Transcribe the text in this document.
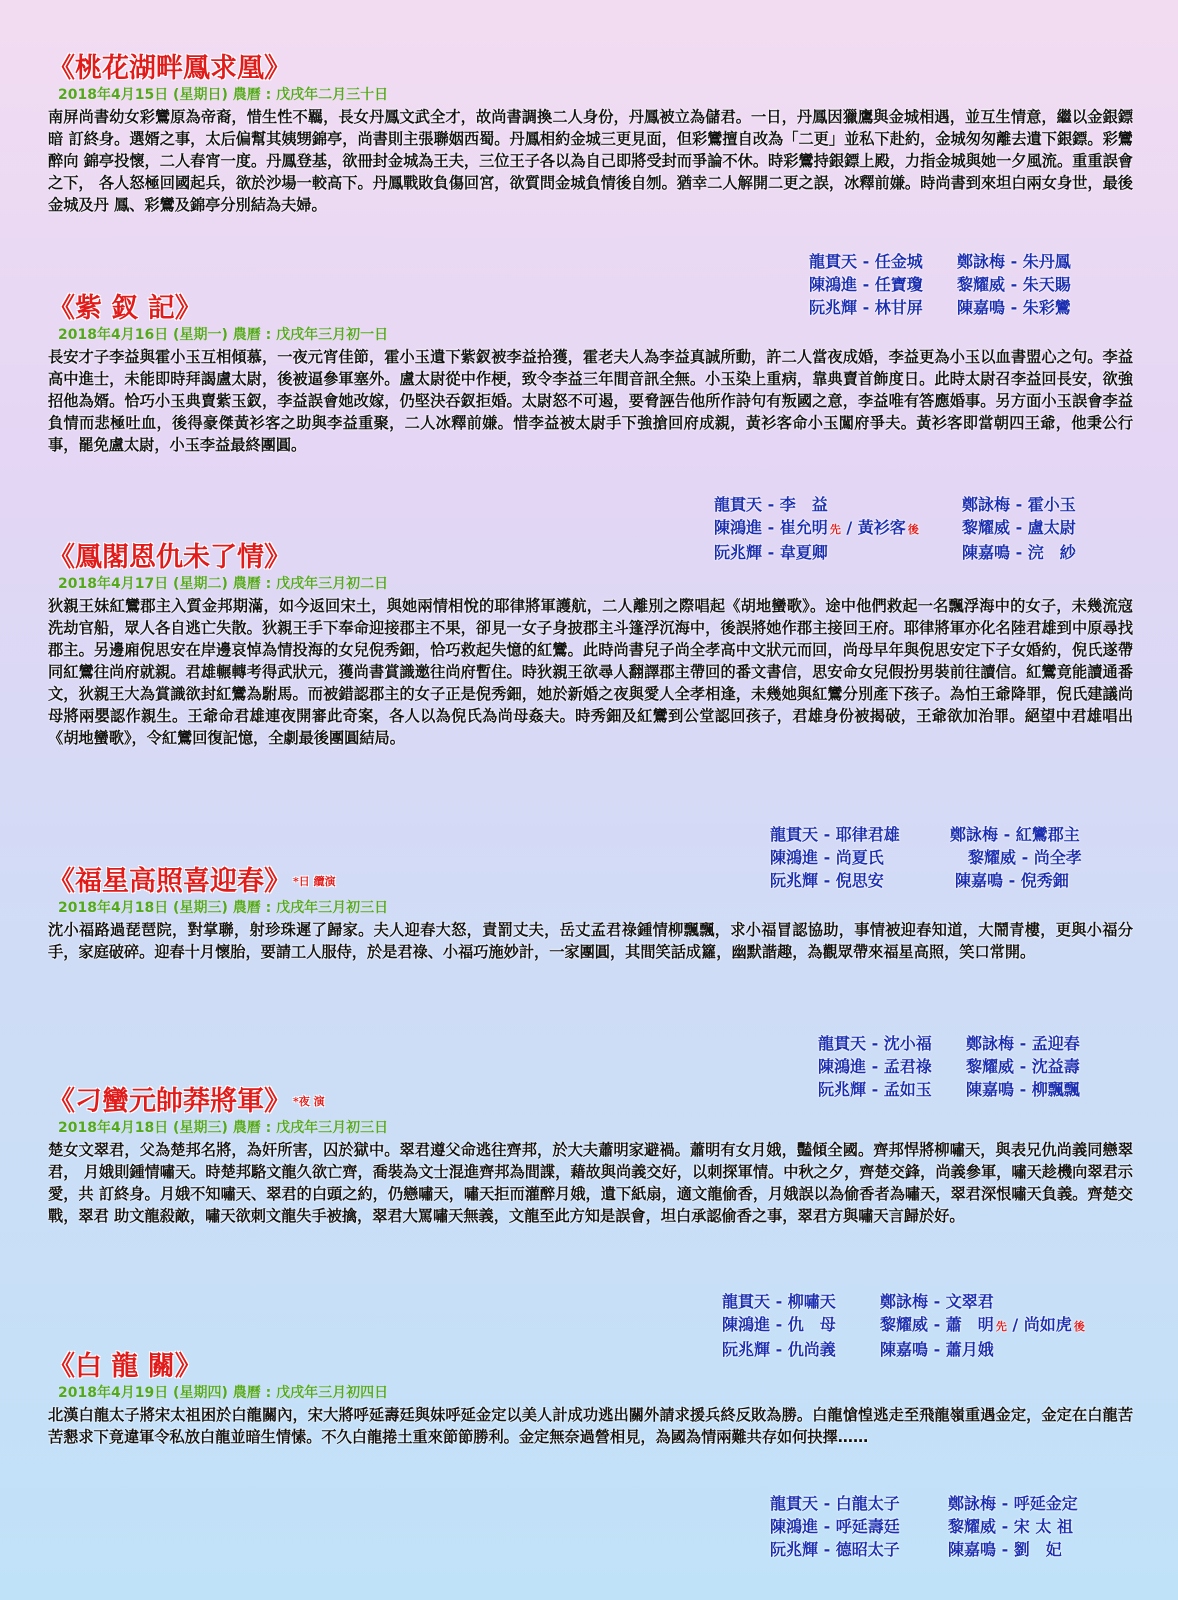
《桃花湖畔鳳求凰》
2018年4月15日 (星期日) 農曆 : 戊戌年二月三十日
南屏尚書幼女彩鸞原為帝裔，惜生性不羈，長女丹鳳文武全才，故尚書調換二人身份，丹鳳被立為儲君。一日，丹鳳因獵鷹與金城相遇，並互生情意，繼以金銀鏢暗 訂終身。選婿之事，太后偏幫其姨甥錦亭，尚書則主張聯姻西蜀。丹鳳相約金城三更見面，但彩鸞擅自改為「二更」並私下赴約，金城匆匆離去遺下銀鏢。彩鸞醉向 錦亭投懷，二人春宵一度。丹鳳登基，欲冊封金城為王夫，三位王子各以為自己即將受封而爭論不休。時彩鸞持銀鏢上殿，力指金城與她一夕風流。重重誤會之下， 各人怒極回國起兵，欲於沙場一較高下。丹鳳戰敗負傷回宮，欲質問金城負情後自刎。猶幸二人解開二更之誤，冰釋前嫌。時尚書到來坦白兩女身世，最後金城及丹 鳳、彩鸞及錦亭分別結為夫婦。
龍貫天 - 任金城	鄭詠梅 - 朱丹鳳
陳鴻進 - 任寶瓊	黎耀威 - 朱天賜
阮兆輝 - 林甘屏	陳嘉鳴 - 朱彩鸞
《紫 釵 記》
2018年4月16日 (星期一) 農曆 : 戊戌年三月初一日
長安才子李益與霍小玉互相傾慕，一夜元宵佳節，霍小玉遺下紫釵被李益拾獲，霍老夫人為李益真誠所動，許二人當夜成婚，李益更為小玉以血書盟心之句。李益高中進士，未能即時拜謁盧太尉，後被逼參軍塞外。盧太尉從中作梗，致令李益三年間音訊全無。小玉染上重病，靠典賣首飾度日。此時太尉召李益回長安，欲強招他為婿。恰巧小玉典賣紫玉釵，李益誤會她改嫁，仍堅決吞釵拒婚。太尉怒不可遏，要脅誣告他所作詩句有叛國之意，李益唯有答應婚事。另方面小玉誤會李益負情而悲極吐血，後得豪傑黃衫客之助與李益重聚，二人冰釋前嫌。惜李益被太尉手下強搶回府成親，黃衫客命小玉闖府爭夫。黃衫客即當朝四王爺，他秉公行事，罷免盧太尉，小玉李益最終團圓。
龍貫天 - 李　益	鄭詠梅 - 霍小玉
陳鴻進 - 崔允明 先 / 黃衫客 後	黎耀威 - 盧太尉
阮兆輝 - 韋夏卿	陳嘉鳴 - 浣　紗
《鳳閣恩仇未了情》
2018年4月17日 (星期二) 農曆 : 戊戌年三月初二日
狄親王妹紅鸞郡主入質金邦期滿，如今返回宋土，與她兩情相悅的耶律將軍護航，二人離別之際唱起《胡地蠻歌》。途中他們救起一名飄浮海中的女子，未幾流寇洗劫官船，眾人各自逃亡失散。狄親王手下奉命迎接郡主不果，卻見一女子身披郡主斗篷浮沉海中，後誤將她作郡主接回王府。耶律將軍亦化名陸君雄到中原尋找郡主。另邊廂倪思安在岸邊哀悼為情投海的女兒倪秀鈿，恰巧救起失憶的紅鸞。此時尚書兒子尚全孝高中文狀元而回，尚母早年與倪思安定下子女婚約，倪氏遂帶同紅鸞往尚府就親。君雄輾轉考得武狀元，獲尚書賞識邀往尚府暫住。時狄親王欲尋人翻譯郡主帶回的番文書信，思安命女兒假扮男裝前往讀信。紅鸞竟能讀通番文，狄親王大為賞識欲封紅鸞為駙馬。而被錯認郡主的女子正是倪秀鈿，她於新婚之夜與愛人全孝相逢，未幾她與紅鸞分別產下孩子。為怕王爺降罪，倪氏建議尚母將兩嬰認作親生。王爺命君雄連夜開審此奇案，各人以為倪氏為尚母姦夫。時秀鈿及紅鸞到公堂認回孩子，君雄身份被揭破，王爺欲加治罪。絕望中君雄唱出《胡地蠻歌》，令紅鸞回復記憶，全劇最後團圓結局。
龍貫天 - 耶律君雄	鄭詠梅 - 紅鸞郡主
陳鴻進 - 尚夏氏	黎耀威 - 尚全孝
阮兆輝 - 倪思安	陳嘉鳴 - 倪秀鈿
《福星高照喜迎春》 $^{*日 纜演}$
2018年4月18日 (星期三) 農曆 : 戊戌年三月初三日
沈小福路過琵琶院，對掌聯，射珍珠遲了歸家。夫人迎春大怒，責罰丈夫，岳丈孟君祿鍾情柳飄飄，求小福冒認協助，事情被迎春知道，大鬧青樓，更與小福分手，家庭破碎。迎春十月懷胎，要請工人服侍，於是君祿、小福巧施妙計，一家團圓，其間笑話成籮，幽默諧趣，為觀眾帶來福星高照，笑口常開。
龍貫天 - 沈小福	鄭詠梅 - 孟迎春
陳鴻進 - 孟君祿	黎耀威 - 沈益壽
阮兆輝 - 孟如玉	陳嘉鳴 - 柳飄飄
《刁蠻元帥莽將軍》 $^{*夜 演}$
2018年4月18日 (星期三) 農曆 : 戊戌年三月初三日
楚女文翠君，父為楚邦名將，為奸所害，囚於獄中。翠君遵父命逃往齊邦，於大夫蕭明家避禍。蕭明有女月娥，豔傾全國。齊邦悍將柳嘯天，與表兄仇尚義同戀翠君， 月娥則鍾情嘯天。時楚邦駱文龍久欲亡齊，喬裝為文士混進齊邦為間諜，藉故與尚義交好，以刺探軍情。中秋之夕，齊楚交鋒，尚義參軍，嘯天趁機向翠君示愛，共 訂終身。月娥不知嘯天、翠君的白頭之約，仍戀嘯天，嘯天拒而灌醉月娥，遺下紙扇，適文龍偷香，月娥誤以為偷香者為嘯天，翠君深恨嘯天負義。齊楚交戰，翠君 助文龍殺敵，嘯天欲刺文龍失手被擒，翠君大罵嘯天無義，文龍至此方知是誤會，坦白承認偷香之事，翠君方與嘯天言歸於好。
龍貫天 - 柳嘯天	鄭詠梅 - 文翠君
陳鴻進 - 仇　母	黎耀威 - 蕭　明 先 / 尚如虎 後
阮兆輝 - 仇尚義	陳嘉鳴 - 蕭月娥
《白 龍 關》
2018年4月19日 (星期四) 農曆 : 戊戌年三月初四日
北漢白龍太子將宋太祖困於白龍關內，宋大將呼延壽廷與妹呼延金定以美人計成功逃出關外請求援兵終反敗為勝。白龍愴惶逃走至飛龍嶺重遇金定，金定在白龍苦苦懇求下竟違軍令私放白龍並暗生情愫。不久白龍捲土重來節節勝利。金定無奈過營相見，為國為情兩難共存如何抉擇……
龍貫天 - 白龍太子	鄭詠梅 - 呼延金定
陳鴻進 - 呼延壽廷	黎耀威 - 宋 太 祖
阮兆輝 - 德昭太子	陳嘉鳴 - 劉　妃
